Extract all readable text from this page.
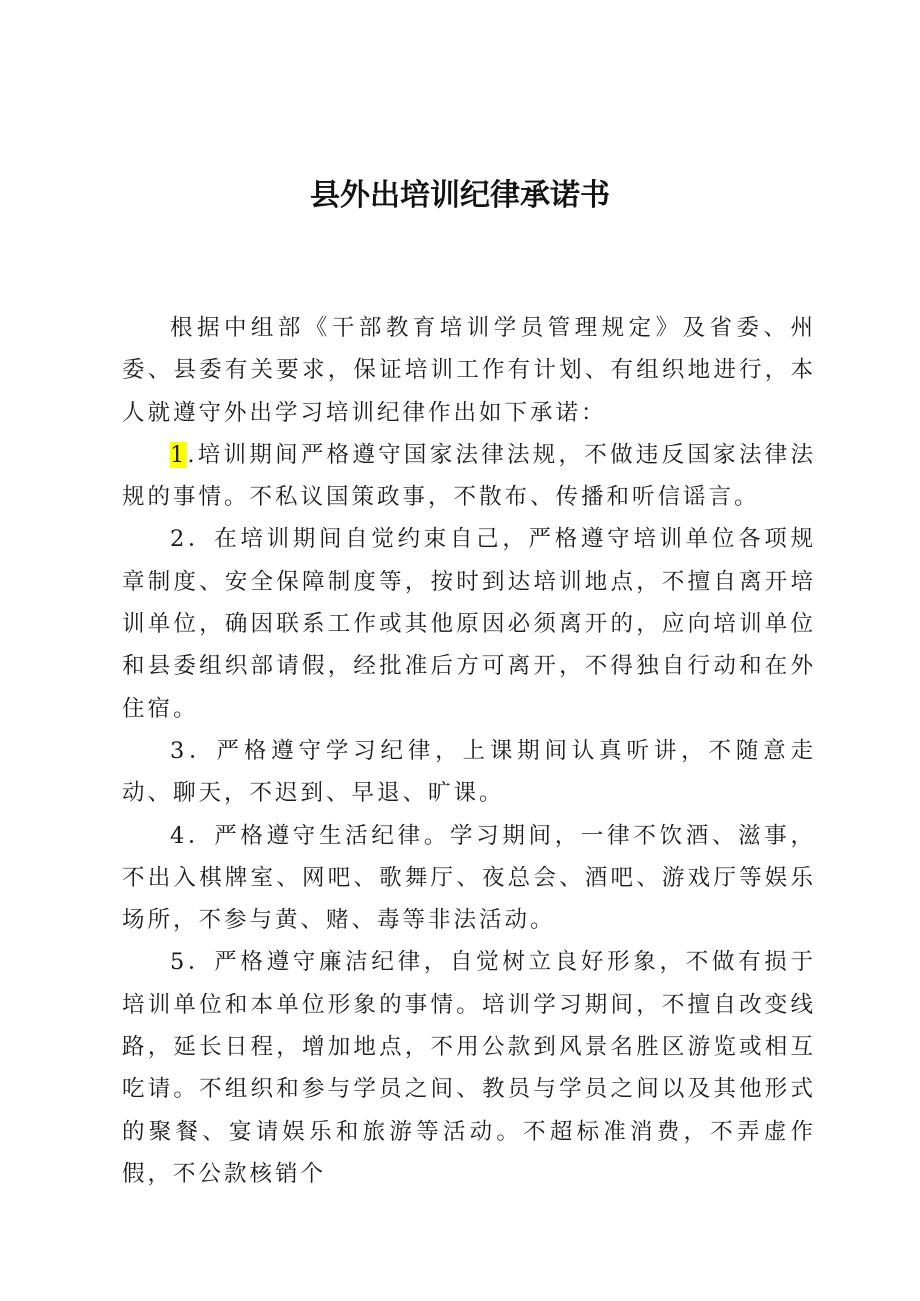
县外出培训纪律承诺书

根据中组部《干部教育培训学员管理规定》及省委、州委、县委有关要求，保证培训工作有计划、有组织地进行，本人就遵守外出学习培训纪律作出如下承诺：

1.培训期间严格遵守国家法律法规，不做违反国家法律法规的事情。不私议国策政事，不散布、传播和听信谣言。

2．在培训期间自觉约束自己，严格遵守培训单位各项规章制度、安全保障制度等，按时到达培训地点，不擅自离开培训单位，确因联系工作或其他原因必须离开的，应向培训单位和县委组织部请假，经批准后方可离开，不得独自行动和在外住宿。

3．严格遵守学习纪律，上课期间认真听讲，不随意走动、聊天，不迟到、早退、旷课。

4．严格遵守生活纪律。学习期间，一律不饮酒、滋事，不出入棋牌室、网吧、歌舞厅、夜总会、酒吧、游戏厅等娱乐场所，不参与黄、赌、毒等非法活动。

5．严格遵守廉洁纪律，自觉树立良好形象，不做有损于培训单位和本单位形象的事情。培训学习期间，不擅自改变线路，延长日程，增加地点，不用公款到风景名胜区游览或相互吃请。不组织和参与学员之间、教员与学员之间以及其他形式的聚餐、宴请娱乐和旅游等活动。不超标准消费，不弄虚作假，不公款核销个
